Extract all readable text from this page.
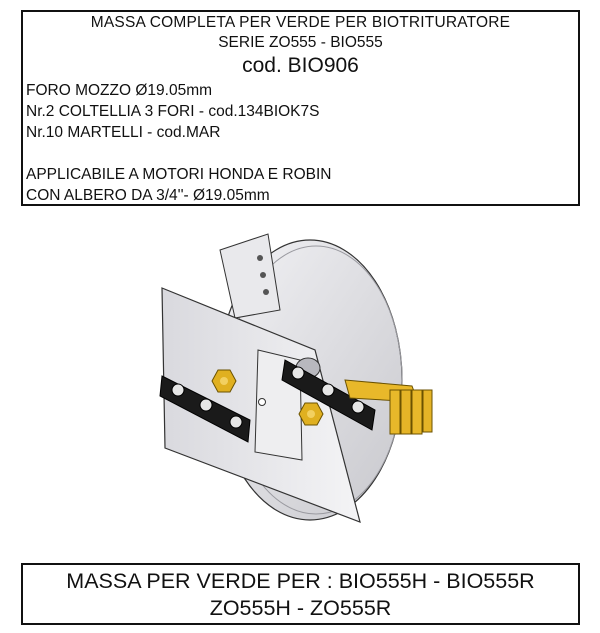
MASSA COMPLETA PER VERDE PER BIOTRITURATORE
SERIE ZO555 - BIO555
cod. BIO906
FORO MOZZO Ø19.05mm
Nr.2 COLTELLIA 3 FORI - cod.134BIOK7S
Nr.10 MARTELLI - cod.MAR
APPLICABILE A MOTORI HONDA E ROBIN
CON ALBERO DA 3/4''- Ø19.05mm
MASSA PER VERDE PER : BIO555H - BIO555R
ZO555H - ZO555R
